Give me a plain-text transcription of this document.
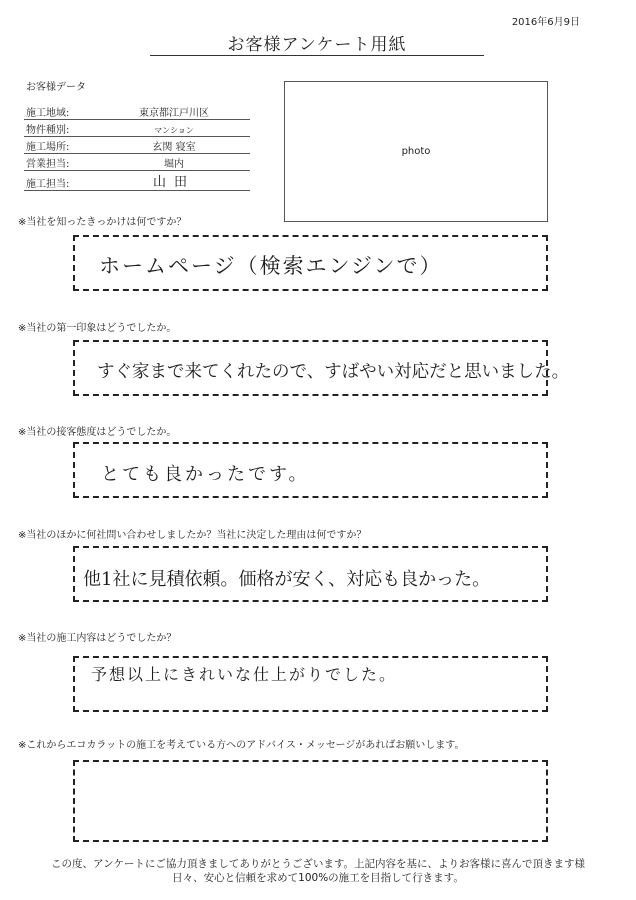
2016年6月9日
お客様アンケート用紙
お客様データ
施工地域:	東京都江戸川区
物件種別:	マンション
施工場所:	玄関 寝室
営業担当:	堀内
施工担当:	山田
photo
※当社を知ったきっかけは何ですか？
ホームページ（検索エンジンで）
※当社の第一印象はどうでしたか。
すぐ家まで来てくれたので、すばやい対応だと思いました。
※当社の接客態度はどうでしたか。
とても良かったです。
※当社のほかに何社問い合わせしましたか？当社に決定した理由は何ですか？
他1社に見積依頼。価格が安く、対応も良かった。
※当社の施工内容はどうでしたか？
予想以上にきれいな仕上がりでした。
※これからエコカラットの施工を考えている方へのアドバイス・メッセージがあればお願いします。
この度、アンケートにご協力頂きましてありがとうございます。上記内容を基に、よりお客様に喜んで頂きます様
日々、安心と信頼を求めて100%の施工を目指して行きます。
